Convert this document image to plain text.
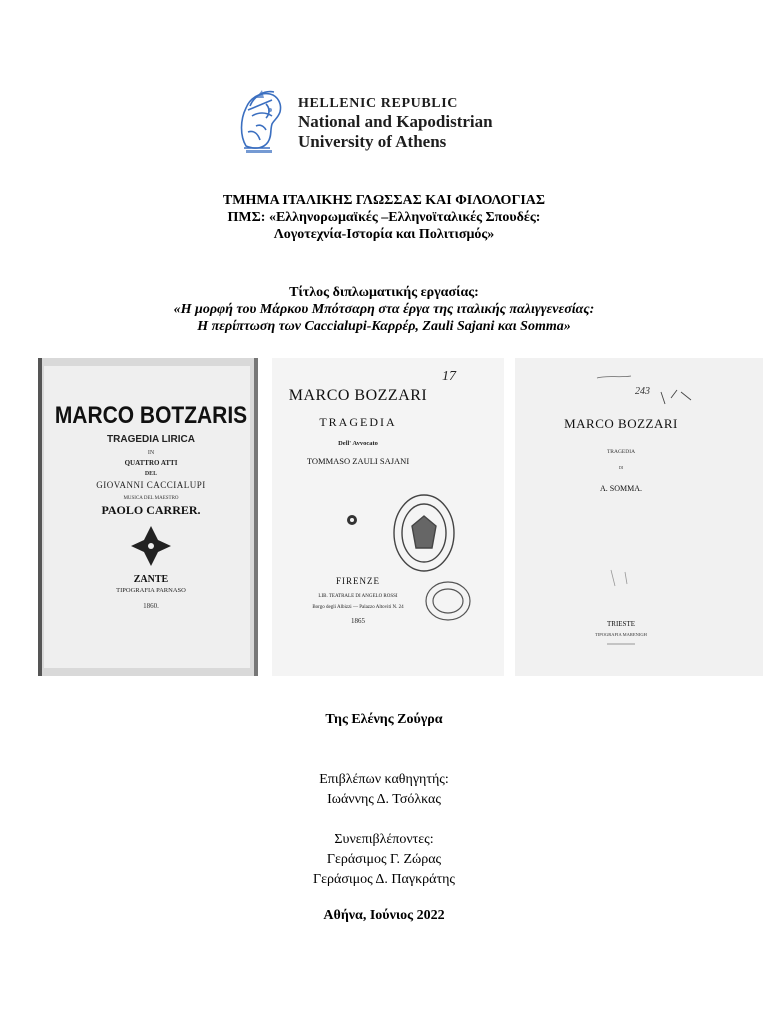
HELLENIC REPUBLIC
National and Kapodistrian
University of Athens
ΤΜΗΜΑ ΙΤΑΛΙΚΗΣ ΓΛΩΣΣΑΣ ΚΑΙ ΦΙΛΟΛΟΓΙΑΣ
ΠΜΣ: «Ελληνορωμαϊκές –Ελληνοϊταλικές Σπουδές:
Λογοτεχνία-Ιστορία και Πολιτισμός»
Τίτλος διπλωματικής εργασίας:
«Η μορφή του Μάρκου Μπότσαρη στα έργα της ιταλικής παλιγγενεσίας:
Η περίπτωση των Caccialupi-Καρρέρ, Zauli Sajani και Somma»
MARCO BOTZARIS
TRAGEDIA LIRICA
IN
QUATTRO ATTI
DEL
GIOVANNI CACCIALUPI
MUSICA DEL MAESTRO
PAOLO CARRER.
ZANTE
TIPOGRAFIA PARNASO
1860.
MARCO BOZZARI
17
TRAGEDIA
Dell' Avvocato
TOMMASO ZAULI SAJANI
FIRENZE
LIB. TEATRALE DI ANGELO ROSSI
Borgo degli Albizzi — Palazzo Altoviti N. 24
1865
243
MARCO BOZZARI
TRAGEDIA
DI
A. SOMMA.
TRIESTE
TIPOGRAFIA MARENIGH
Της Ελένης Ζούγρα
Επιβλέπων καθηγητής:
Ιωάννης Δ. Τσόλκας
Συνεπιβλέποντες:
Γεράσιμος Γ. Ζώρας
Γεράσιμος Δ. Παγκράτης
Αθήνα, Ιούνιος 2022
